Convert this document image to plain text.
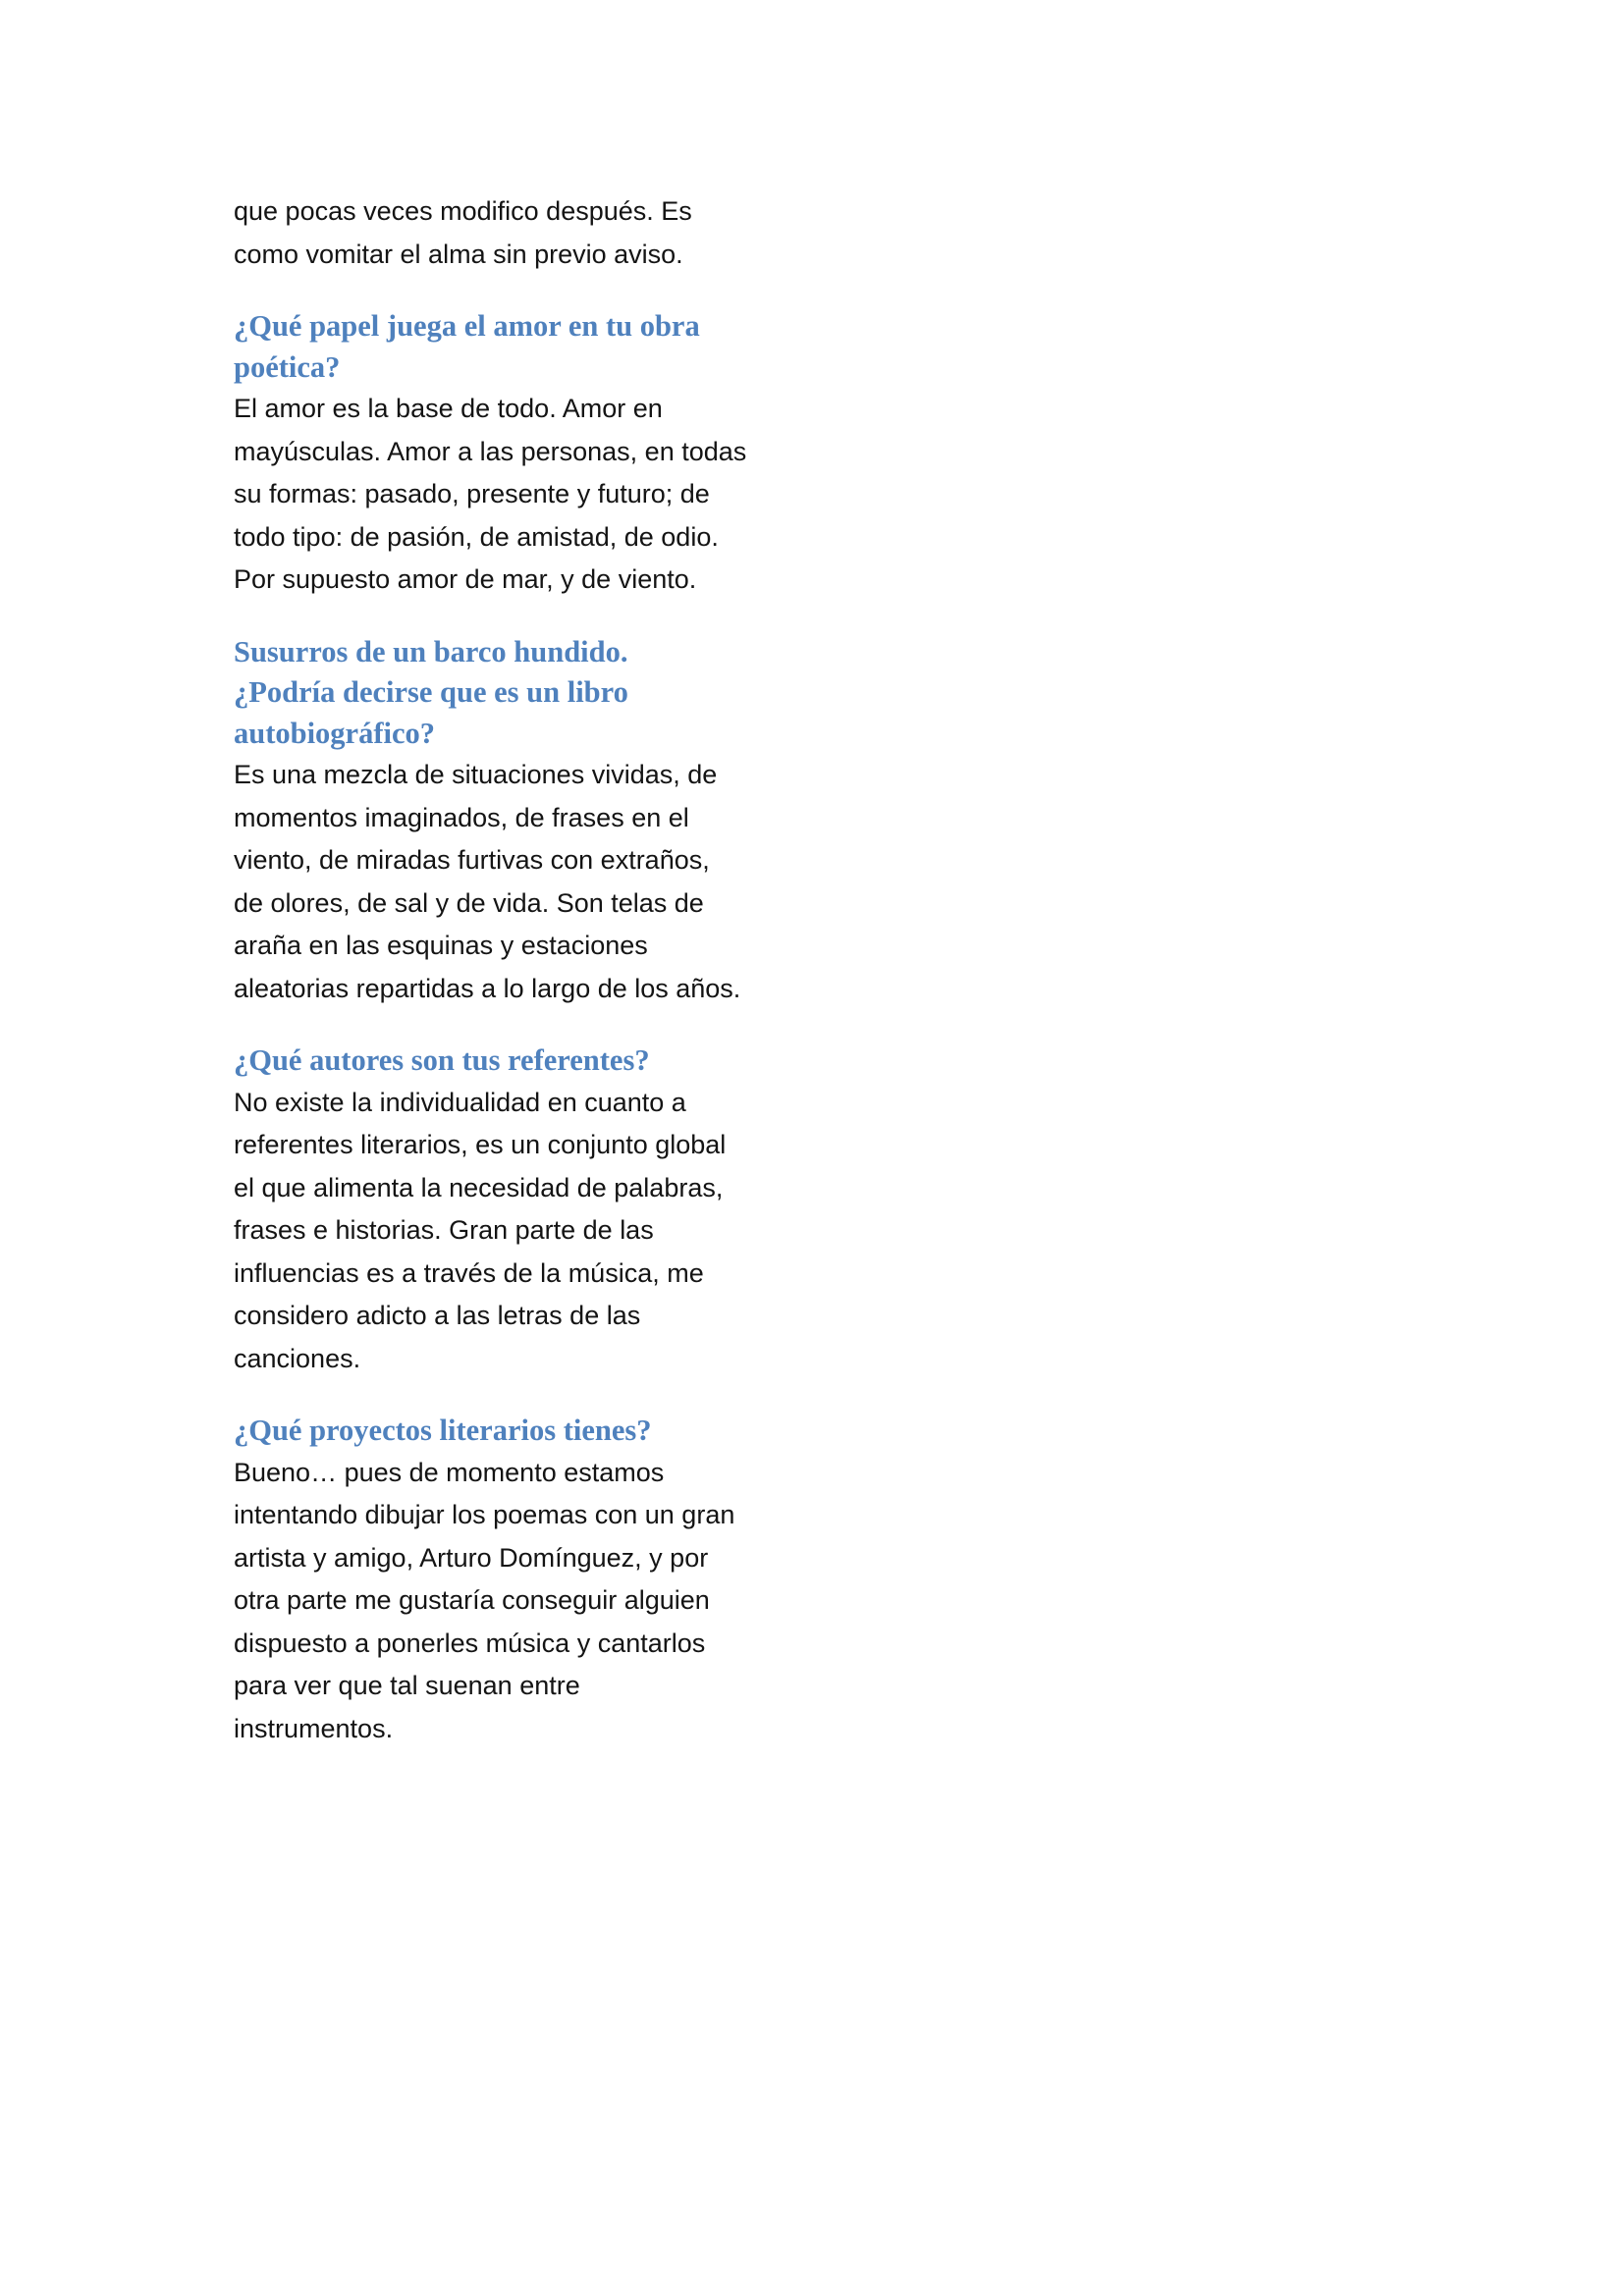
que pocas veces modifico después. Es
como vomitar el alma sin previo aviso.

¿Qué papel juega el amor en tu obra
poética?

El amor es la base de todo. Amor en
mayúsculas. Amor a las personas, en todas
su formas: pasado, presente y futuro; de
todo tipo: de pasión, de amistad, de odio.
Por supuesto amor de mar, y de viento.

Susurros de un barco hundido.
¿Podría decirse que es un libro
autobiográfico?

Es una mezcla de situaciones vividas, de
momentos imaginados, de frases en el
viento, de miradas furtivas con extraños,
de olores, de sal y de vida. Son telas de
araña en las esquinas y estaciones
aleatorias repartidas a lo largo de los años.

¿Qué autores son tus referentes?

No existe la individualidad en cuanto a
referentes literarios, es un conjunto global
el que alimenta la necesidad de palabras,
frases e historias. Gran parte de las
influencias es a través de la música, me
considero adicto a las letras de las
canciones.

¿Qué proyectos literarios tienes?

Bueno… pues de momento estamos
intentando dibujar los poemas con un gran
artista y amigo, Arturo Domínguez, y por
otra parte me gustaría conseguir alguien
dispuesto a ponerles música y cantarlos
para ver que tal suenan entre
instrumentos.
